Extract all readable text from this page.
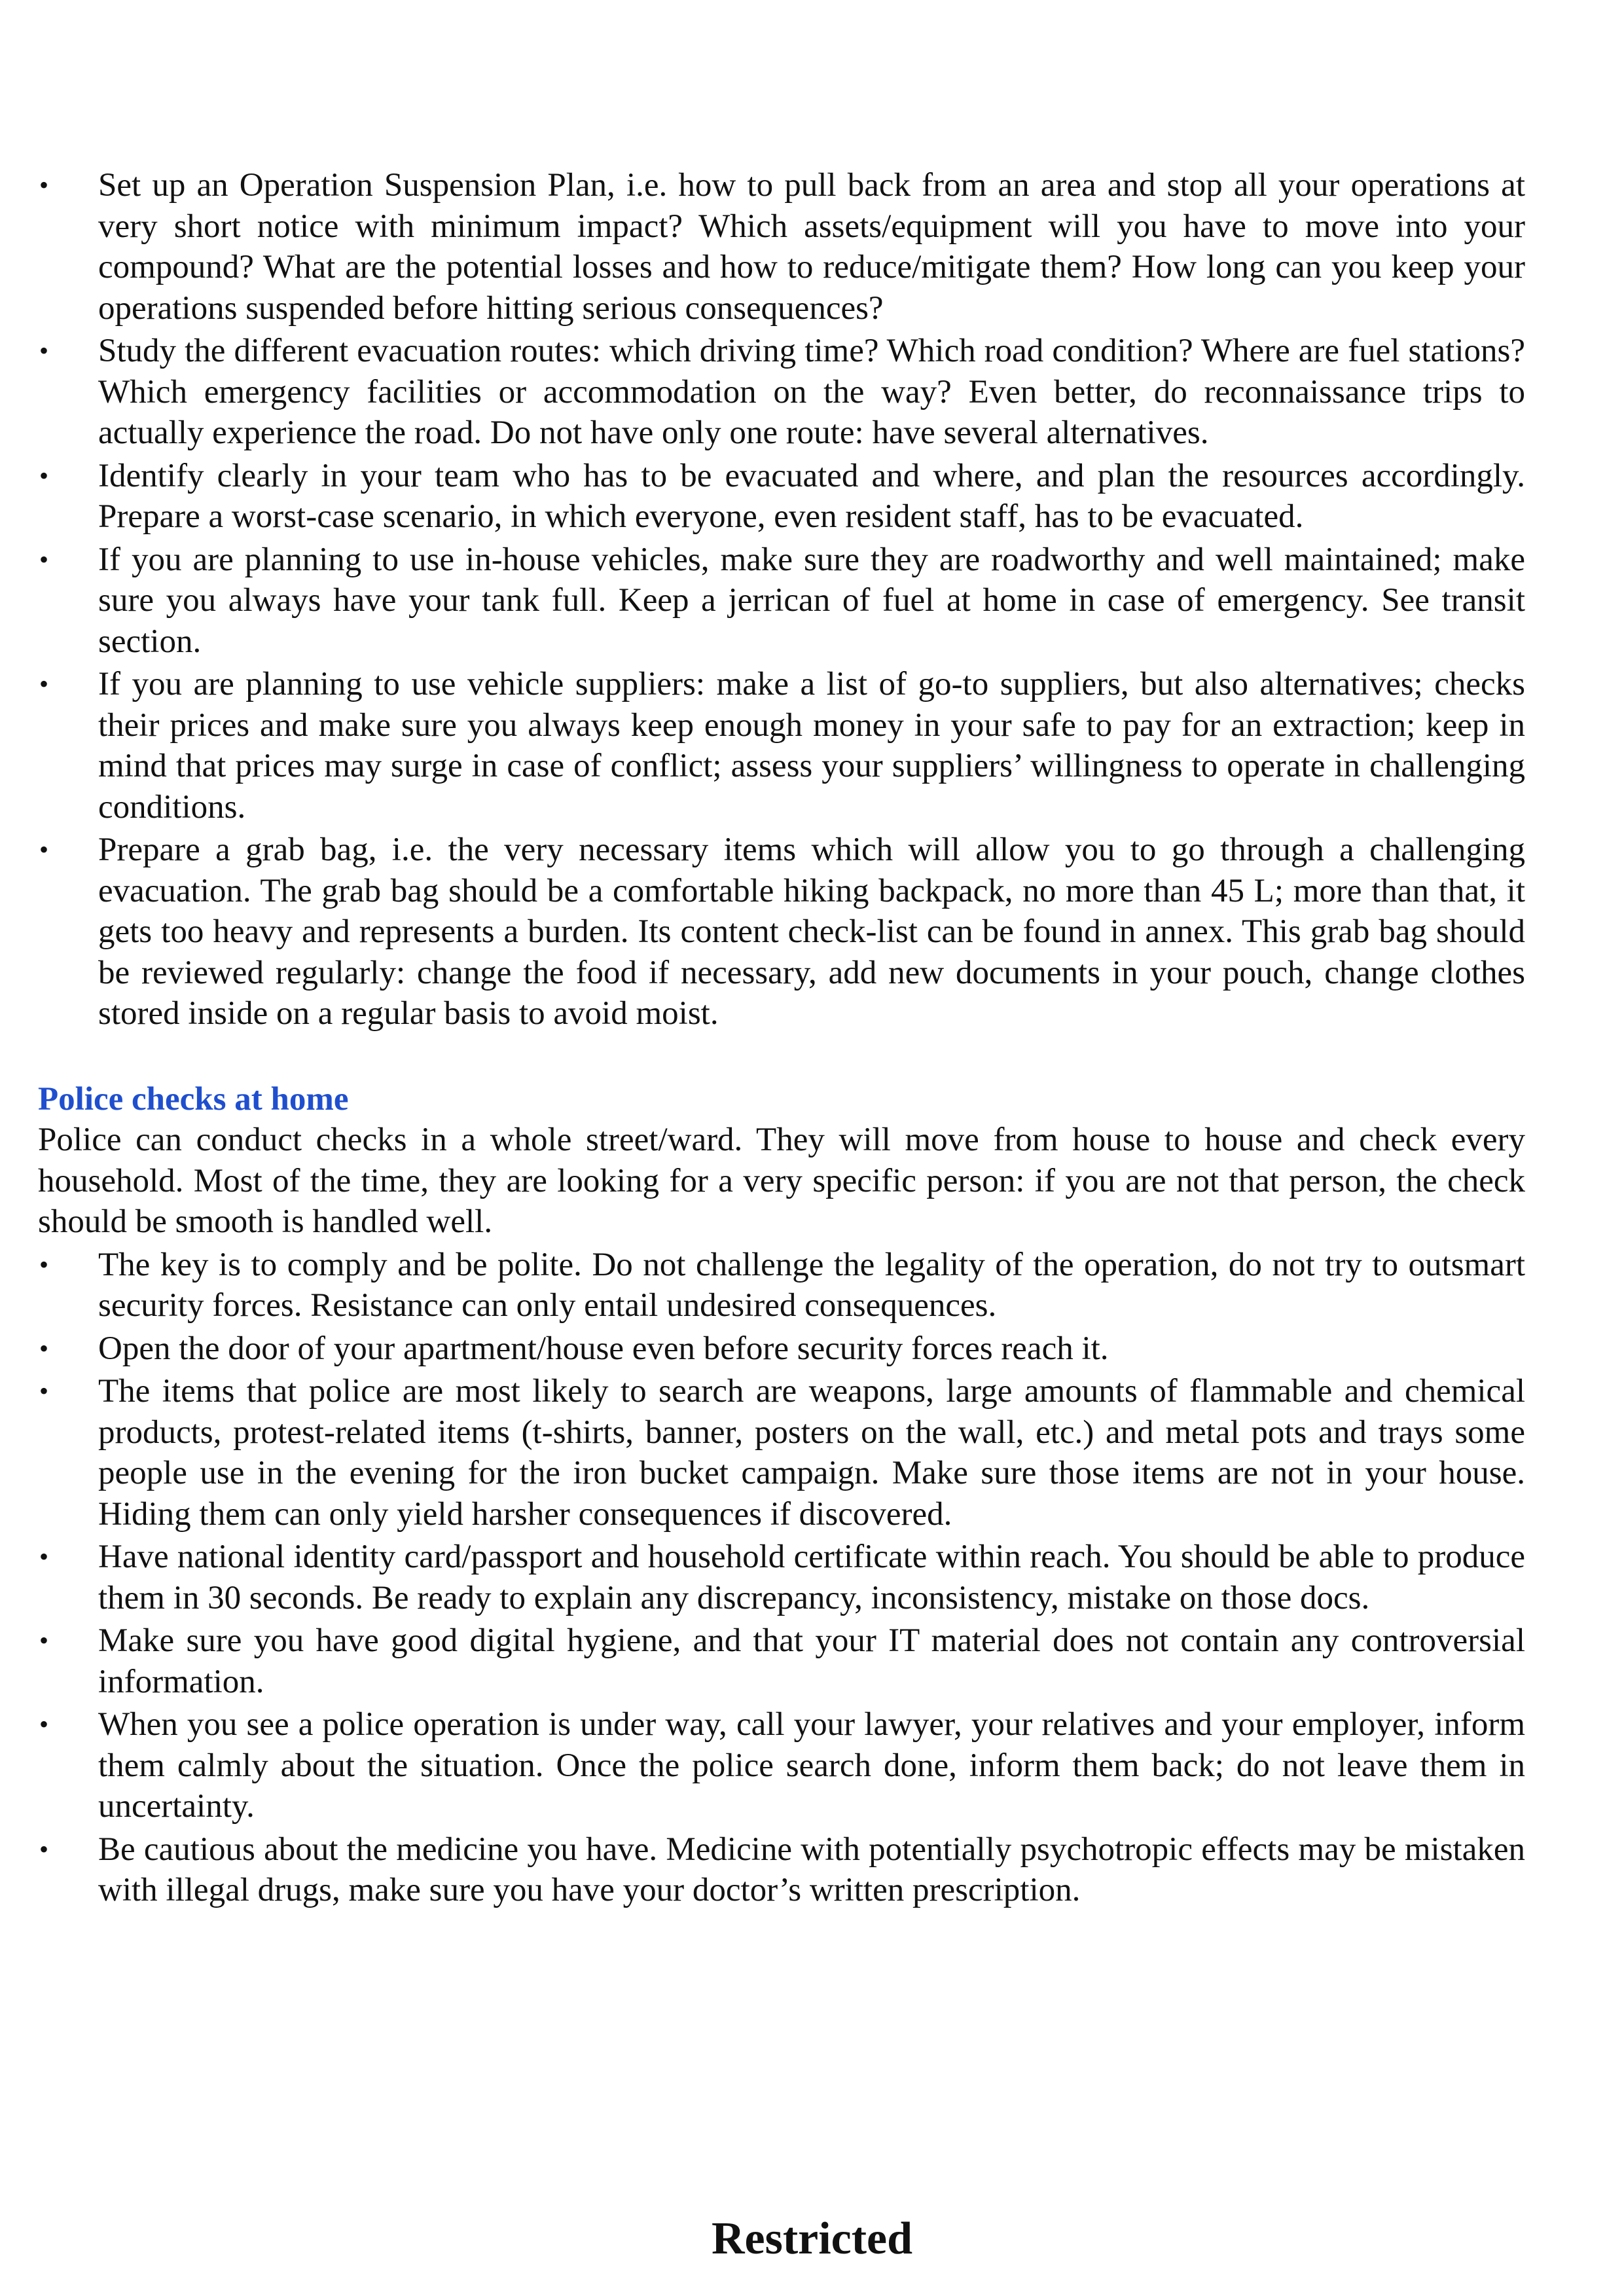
•	Set up an Operation Suspension Plan, i.e. how to pull back from an area and stop all your operations at very short notice with minimum impact? Which assets/equipment will you have to move into your compound? What are the potential losses and how to reduce/mitigate them? How long can you keep your operations suspended before hitting serious consequences?
•	Study the different evacuation routes: which driving time? Which road condition? Where are fuel stations? Which emergency facilities or accommodation on the way? Even better, do reconnaissance trips to actually experience the road. Do not have only one route: have several alternatives.
•	Identify clearly in your team who has to be evacuated and where, and plan the resources accordingly. Prepare a worst-case scenario, in which everyone, even resident staff, has to be evacuated.
•	If you are planning to use in-house vehicles, make sure they are roadworthy and well maintained; make sure you always have your tank full. Keep a jerrican of fuel at home in case of emergency. See transit section.
•	If you are planning to use vehicle suppliers: make a list of go-to suppliers, but also alternatives; checks their prices and make sure you always keep enough money in your safe to pay for an extraction; keep in mind that prices may surge in case of conflict; assess your suppliers’ willingness to operate in challenging conditions.
•	Prepare a grab bag, i.e. the very necessary items which will allow you to go through a challenging evacuation. The grab bag should be a comfortable hiking backpack, no more than 45 L; more than that, it gets too heavy and represents a burden. Its content check-list can be found in annex. This grab bag should be reviewed regularly: change the food if necessary, add new documents in your pouch, change clothes stored inside on a regular basis to avoid moist.
Police checks at home

Police can conduct checks in a whole street/ward. They will move from house to house and check every household. Most of the time, they are looking for a very specific person: if you are not that person, the check should be smooth is handled well.

•	The key is to comply and be polite. Do not challenge the legality of the operation, do not try to outsmart security forces. Resistance can only entail undesired consequences.
•	Open the door of your apartment/house even before security forces reach it.
•	The items that police are most likely to search are weapons, large amounts of flammable and chemical products, protest-related items (t-shirts, banner, posters on the wall, etc.) and metal pots and trays some people use in the evening for the iron bucket campaign. Make sure those items are not in your house. Hiding them can only yield harsher consequences if discovered.
•	Have national identity card/passport and household certificate within reach. You should be able to produce them in 30 seconds. Be ready to explain any discrepancy, inconsistency, mistake on those docs.
•	Make sure you have good digital hygiene, and that your IT material does not contain any controversial information.
•	When you see a police operation is under way, call your lawyer, your relatives and your employer, inform them calmly about the situation. Once the police search done, inform them back; do not leave them in uncertainty.
•	Be cautious about the medicine you have. Medicine with potentially psychotropic effects may be mistaken with illegal drugs, make sure you have your doctor’s written prescription.
Restricted
